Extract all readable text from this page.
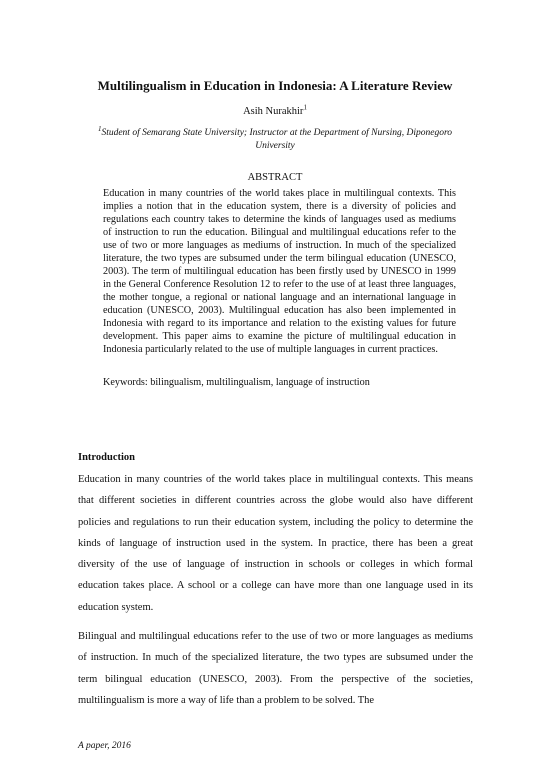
Multilingualism in Education in Indonesia: A Literature Review
Asih Nurakhir$^1$
$^1$Student of Semarang State University; Instructor at the Department of Nursing, Diponegoro University
ABSTRACT

Education in many countries of the world takes place in multilingual contexts. This implies a notion that in the education system, there is a diversity of policies and regulations each country takes to determine the kinds of languages used as mediums of instruction to run the education. Bilingual and multilingual educations refer to the use of two or more languages as mediums of instruction. In much of the specialized literature, the two types are subsumed under the term bilingual education (UNESCO, 2003). The term of multilingual education has been firstly used by UNESCO in 1999 in the General Conference Resolution 12 to refer to the use of at least three languages, the mother tongue, a regional or national language and an international language in education (UNESCO, 2003). Multilingual education has also been implemented in Indonesia with regard to its importance and relation to the existing values for future development. This paper aims to examine the picture of multilingual education in Indonesia particularly related to the use of multiple languages in current practices.

Keywords: bilingualism, multilingualism, language of instruction

Introduction

Education in many countries of the world takes place in multilingual contexts. This means that different societies in different countries across the globe would also have different policies and regulations to run their education system, including the policy to determine the kinds of language of instruction used in the system. In practice, there has been a great diversity of the use of language of instruction in schools or colleges in which formal education takes place. A school or a college can have more than one language used in its education system.

Bilingual and multilingual educations refer to the use of two or more languages as mediums of instruction. In much of the specialized literature, the two types are subsumed under the term bilingual education (UNESCO, 2003). From the perspective of the societies, multilingualism is more a way of life than a problem to be solved. The

A paper, 2016
